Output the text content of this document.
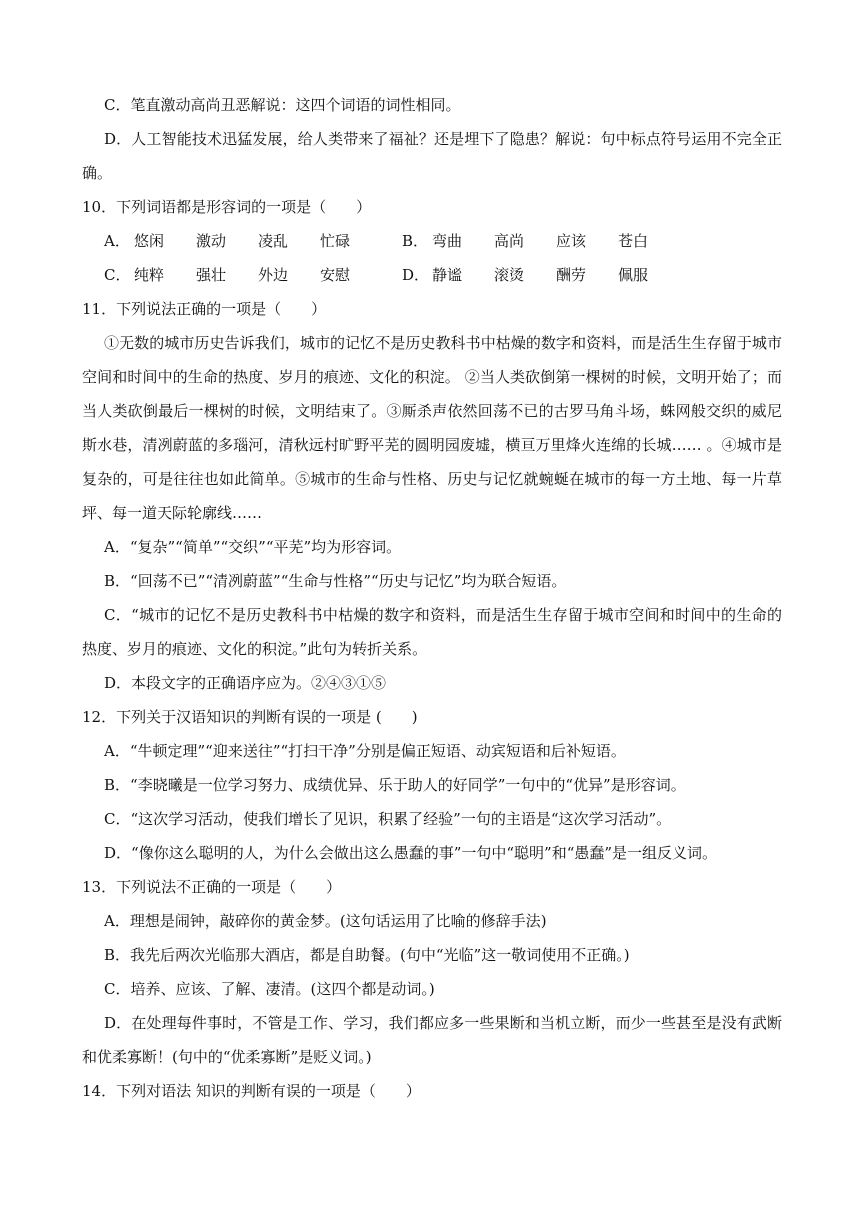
C．笔直激动高尚丑恶解说：这四个词语的词性相同。

D．人工智能技术迅猛发展，给人类带来了福祉？还是埋下了隐患？解说：句中标点符号运用不完全正确。

10．下列词语都是形容词的一项是（　　）

A． 悠闲	激动	凌乱	忙碌	B． 弯曲	高尚	应该	苍白
C． 纯粹	强壮	外边	安慰	D． 静谧	滚烫	酬劳	佩服

11．下列说法正确的一项是（　　）

①无数的城市历史告诉我们，城市的记忆不是历史教科书中枯燥的数字和资料，而是活生生存留于城市空间和时间中的生命的热度、岁月的痕迹、文化的积淀。 ②当人类砍倒第一棵树的时候，文明开始了；而当人类砍倒最后一棵树的时候，文明结束了。③厮杀声依然回荡不已的古罗马角斗场，蛛网般交织的威尼斯水巷，清冽蔚蓝的多瑙河，清秋远村旷野平芜的圆明园废墟，横亘万里烽火连绵的长城…… 。④城市是复杂的，可是往往也如此简单。⑤城市的生命与性格、历史与记忆就蜿蜒在城市的每一方土地、每一片草坪、每一道天际轮廓线……

A．“复杂”“简单”“交织”“平芜”均为形容词。

B．“回荡不已”“清冽蔚蓝”“生命与性格”“历史与记忆”均为联合短语。

C．“城市的记忆不是历史教科书中枯燥的数字和资料，而是活生生存留于城市空间和时间中的生命的热度、岁月的痕迹、文化的积淀。”此句为转折关系。

D．本段文字的正确语序应为。②④③①⑤

12．下列关于汉语知识的判断有误的一项是 (　　)

A．“牛顿定理”“迎来送往”“打扫干净”分别是偏正短语、动宾短语和后补短语。

B．“李晓曦是一位学习努力、成绩优异、乐于助人的好同学”一句中的“优异”是形容词。

C．“这次学习活动，使我们增长了见识，积累了经验”一句的主语是“这次学习活动”。

D．“像你这么聪明的人，为什么会做出这么愚蠢的事”一句中“聪明”和“愚蠢”是一组反义词。

13．下列说法不正确的一项是（　　）

A．理想是闹钟，敲碎你的黄金梦。(这句话运用了比喻的修辞手法)

B．我先后两次光临那大酒店，都是自助餐。(句中“光临”这一敬词使用不正确。)

C．培养、应该、了解、凄清。(这四个都是动词。)

D．在处理每件事时，不管是工作、学习，我们都应多一些果断和当机立断，而少一些甚至是没有武断和优柔寡断！(句中的“优柔寡断”是贬义词。)

14．下列对语法 知识的判断有误的一项是（　　）
